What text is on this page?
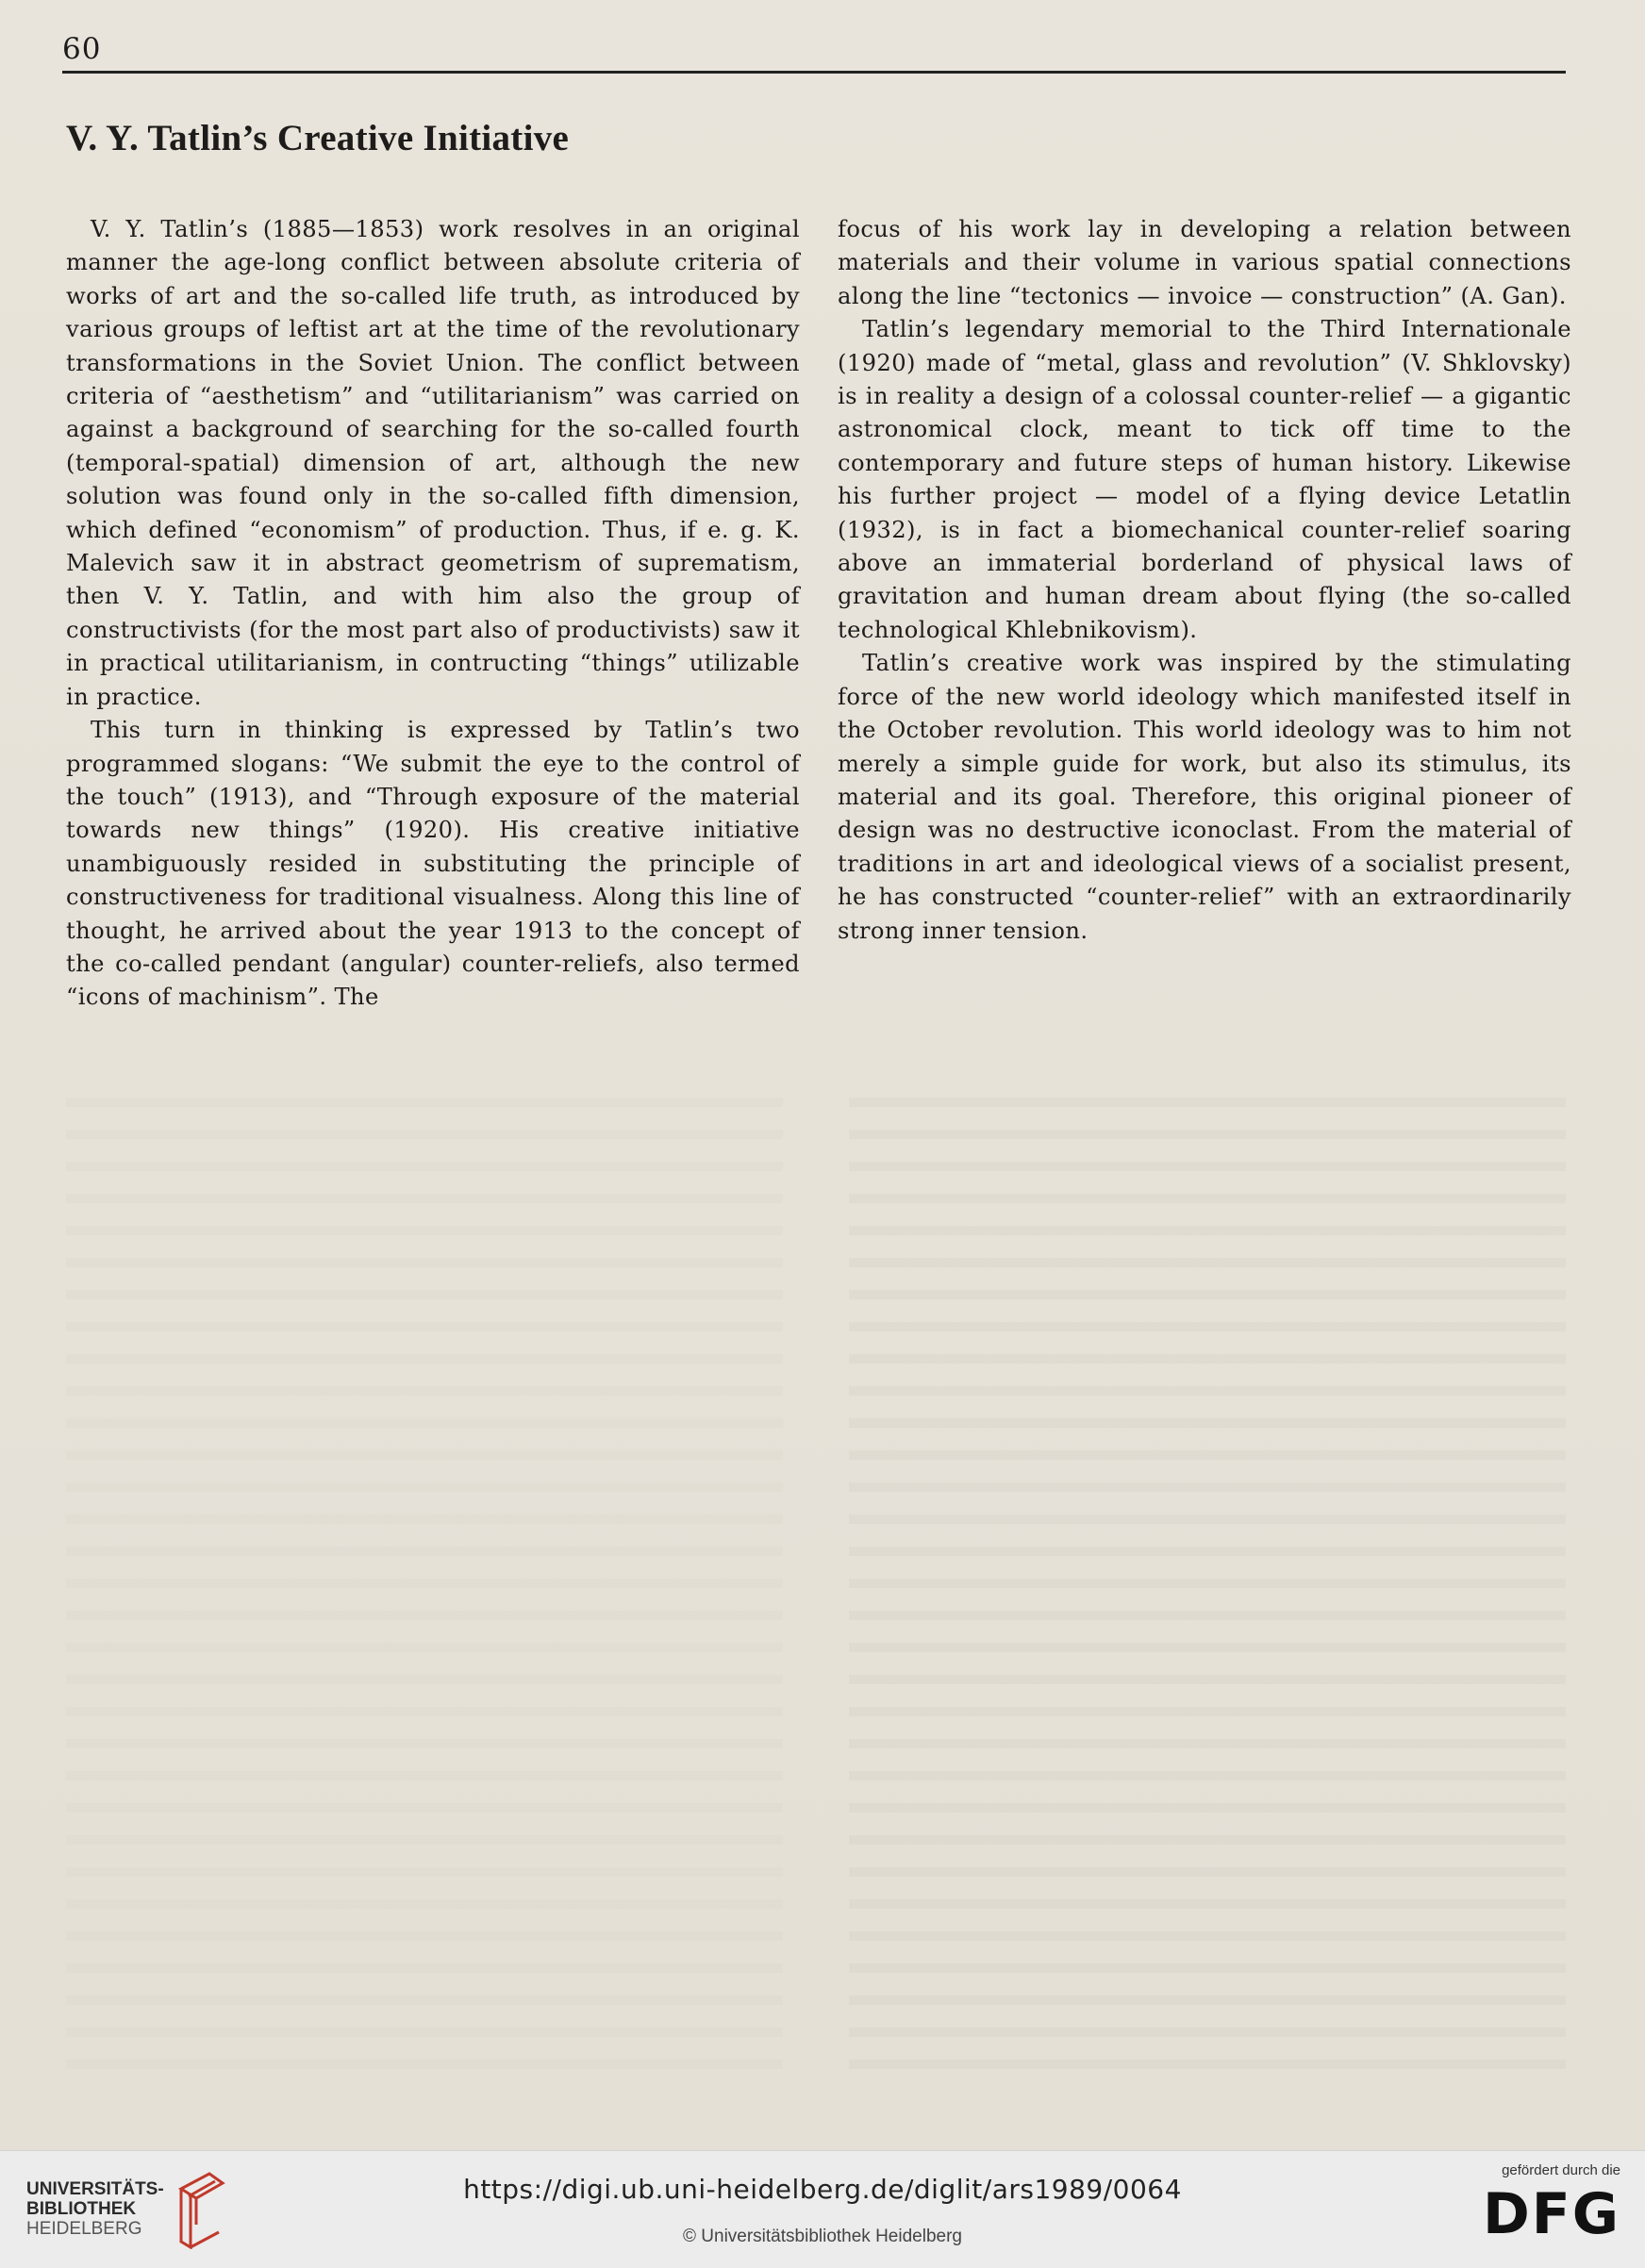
60
V. Y. Tatlin’s Creative Initiative

V. Y. Tatlin’s (1885—1853) work resolves in an original manner the age-long conflict between absolute criteria of works of art and the so-called life truth, as introduced by various groups of leftist art at the time of the revolutionary transformations in the Soviet Union. The conflict between criteria of “aesthetism” and “utilitarianism” was carried on against a background of searching for the so-called fourth (temporal-spatial) dimension of art, although the new solution was found only in the so-called fifth dimension, which defined “economism” of production. Thus, if e. g. K. Malevich saw it in abstract geometrism of suprematism, then V. Y. Tatlin, and with him also the group of constructivists (for the most part also of productivists) saw it in practical utilitarianism, in contructing “things” utilizable in practice.

This turn in thinking is expressed by Tatlin’s two programmed slogans: “We submit the eye to the control of the touch” (1913), and “Through exposure of the material towards new things” (1920). His creative initiative unambiguously resided in substituting the principle of constructiveness for traditional visualness. Along this line of thought, he arrived about the year 1913 to the concept of the co-called pendant (angular) counter-reliefs, also termed “icons of machinism”. The

focus of his work lay in developing a relation between materials and their volume in various spatial connections along the line “tectonics — invoice — construction” (A. Gan).

Tatlin’s legendary memorial to the Third Internationale (1920) made of “metal, glass and revolution” (V. Shklovsky) is in reality a design of a colossal counter-relief — a gigantic astronomical clock, meant to tick off time to the contemporary and future steps of human history. Likewise his further project — model of a flying device Letatlin (1932), is in fact a biomechanical counter-relief soaring above an immaterial borderland of physical laws of gravitation and human dream about flying (the so-called technological Khlebnikovism).

Tatlin’s creative work was inspired by the stimulating force of the new world ideology which manifested itself in the October revolution. This world ideology was to him not merely a simple guide for work, but also its stimulus, its material and its goal. Therefore, this original pioneer of design was no destructive iconoclast. From the material of traditions in art and ideological views of a socialist present, he has constructed “counter-relief” with an extraordinarily strong inner tension.

UNIVERSITÄTS-
BIBLIOTHEK
HEIDELBERG
https://digi.ub.uni-heidelberg.de/diglit/ars1989/0064
© Universitätsbibliothek Heidelberg
gefördert durch die
DFG
